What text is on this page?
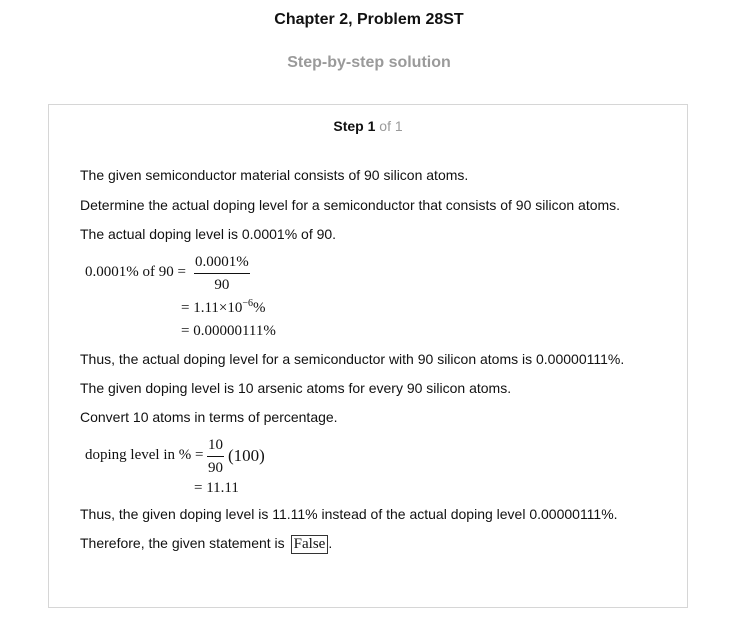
Chapter 2, Problem 28ST
Step-by-step solution
Step 1 of 1
The given semiconductor material consists of 90 silicon atoms.
Determine the actual doping level for a semiconductor that consists of 90 silicon atoms.
The actual doping level is 0.0001% of 90.
0.0001% of $90 = \frac{0.0001\%}{90}$
= $1.11\times 10^{-6}\%$
= 0.00000111%
Thus, the actual doping level for a semiconductor with 90 silicon atoms is 0.00000111%.
The given doping level is 10 arsenic atoms for every 90 silicon atoms.
Convert 10 atoms in terms of percentage.
doping level in % = $\frac{10}{90} (100)$
= 11.11
Thus, the given doping level is 11.11% instead of the actual doping level 0.00000111%.
Therefore, the given statement is False .
